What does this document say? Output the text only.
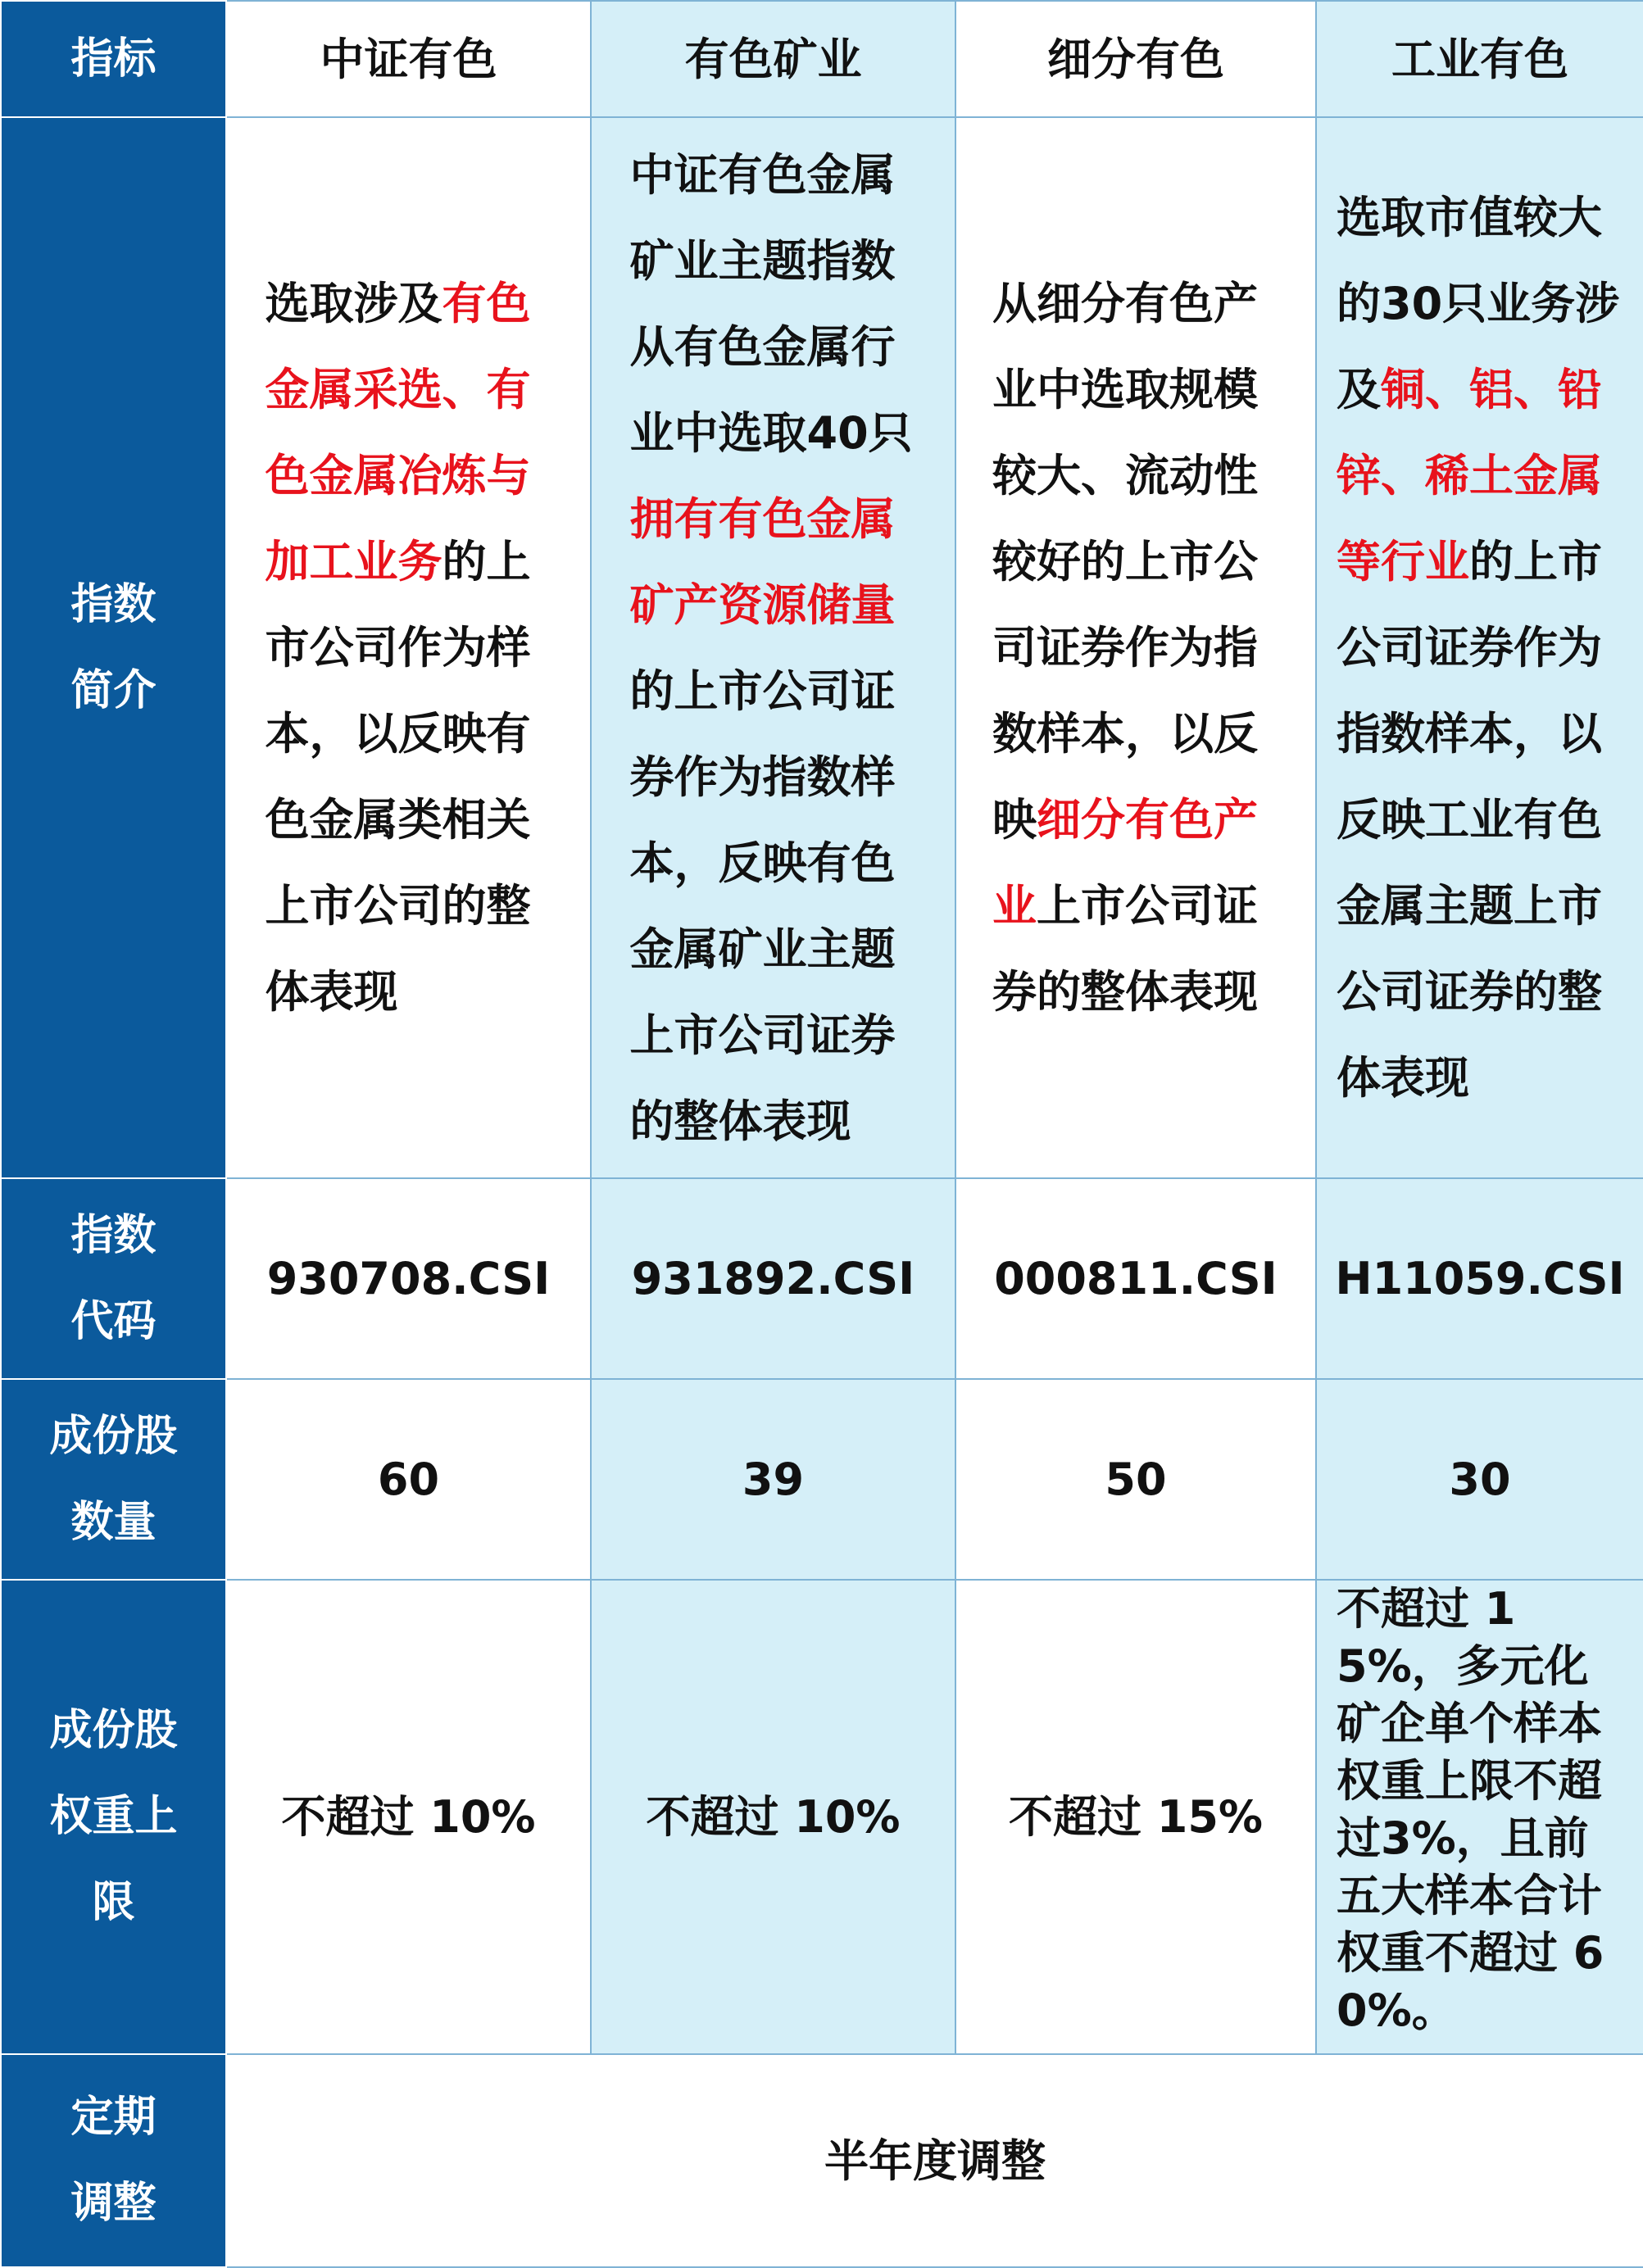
指标	中证有色	有色矿业	细分有色	工业有色
指数简介	选取涉及有色金属采选、有色金属冶炼与加工业务的上市公司作为样本，以反映有色金属类相关上市公司的整体表现	中证有色金属矿业主题指数从有色金属行业中选取40只拥有有色金属矿产资源储量的上市公司证券作为指数样本，反映有色金属矿业主题上市公司证券的整体表现	从细分有色产业中选取规模较大、流动性较好的上市公司证券作为指数样本，以反映细分有色产业上市公司证券的整体表现	选取市值较大的30只业务涉及铜、铝、铅锌、稀土金属等行业的上市公司证券作为指数样本，以反映工业有色金属主题上市公司证券的整体表现
指数代码	930708.CSI	931892.CSI	000811.CSI	H11059.CSI
成份股数量	60	39	50	30
成份股权重上限	不超过 10%	不超过 10%	不超过 15%	不超过 15%，多元化矿企单个样本权重上限不超过3%，且前五大样本合计权重不超过 60%。
定期调整	半年度调整			
